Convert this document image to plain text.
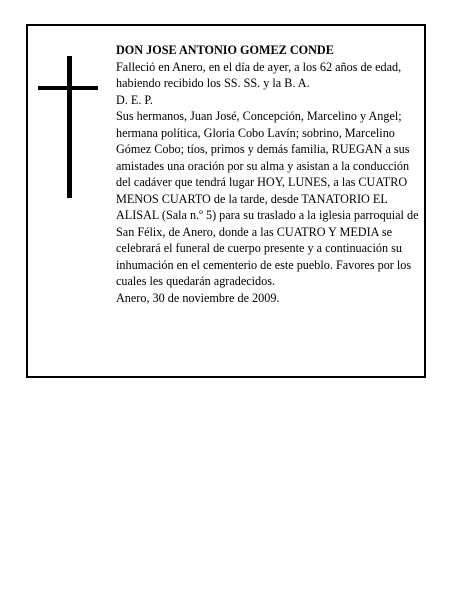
DON JOSE ANTONIO GOMEZ CONDE

Falleció en Anero, en el día de ayer, a los 62 años de edad, habiendo recibido los SS. SS. y la B. A.

D. E. P.

Sus hermanos, Juan José, Concepción, Marcelino y Angel; hermana política, Gloria Cobo Lavín; sobrino, Marcelino Gómez Cobo; tíos, primos y demás familia, RUEGAN a sus amistades una oración por su alma y asistan a la conducción del cadáver que tendrá lugar HOY, LUNES, a las CUATRO MENOS CUARTO de la tarde, desde TANATORIO EL ALISAL (Sala n.º 5) para su traslado a la iglesia parroquial de San Félix, de Anero, donde a las CUATRO Y MEDIA se celebrará el funeral de cuerpo presente y a continuación su inhumación en el cementerio de este pueblo. Favores por los cuales les quedarán agradecidos.

Anero, 30 de noviembre de 2009.
